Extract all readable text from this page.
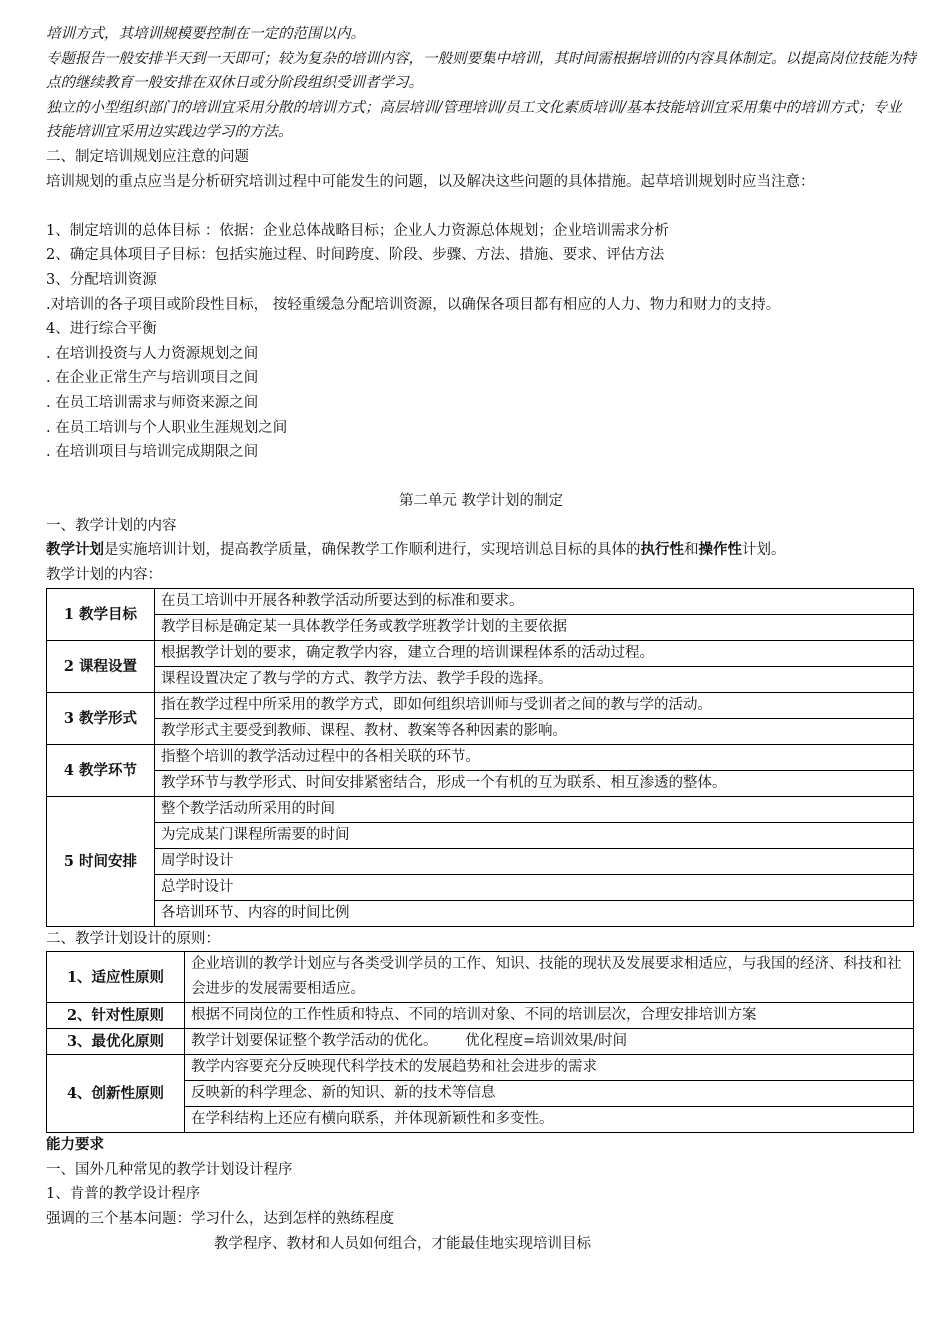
培训方式，其培训规模要控制在一定的范围以内。
专题报告一般安排半天到一天即可；较为复杂的培训内容，一般则要集中培训，其时间需根据培训的内容具体制定。以提高岗位技能为特点的继续教育一般安排在双休日或分阶段组织受训者学习。
独立的小型组织部门的培训宜采用分散的培训方式；高层培训/管理培训/员工文化素质培训/基本技能培训宜采用集中的培训方式；专业技能培训宜采用边实践边学习的方法。
二、制定培训规划应注意的问题
培训规划的重点应当是分析研究培训过程中可能发生的问题，以及解决这些问题的具体措施。起草培训规划时应当注意：
1、制定培训的总体目标 ：依据：企业总体战略目标；企业人力资源总体规划；企业培训需求分析
2、确定具体项目子目标：包括实施过程、时间跨度、阶段、步骤、方法、措施、要求、评估方法
3、分配培训资源
.对培训的各子项目或阶段性目标， 按轻重缓急分配培训资源，以确保各项目都有相应的人力、物力和财力的支持。
4、进行综合平衡
. 在培训投资与人力资源规划之间
. 在企业正常生产与培训项目之间
. 在员工培训需求与师资来源之间
. 在员工培训与个人职业生涯规划之间
. 在培训项目与培训完成期限之间
第二单元 教学计划的制定
一、教学计划的内容
教学计划是实施培训计划，提高教学质量，确保教学工作顺利进行，实现培训总目标的具体的执行性和操作性计划。
教学计划的内容：
1 教学目标	在员工培训中开展各种教学活动所要达到的标准和要求。
	教学目标是确定某一具体教学任务或教学班教学计划的主要依据
2 课程设置	根据教学计划的要求，确定教学内容，建立合理的培训课程体系的活动过程。
	课程设置决定了教与学的方式、教学方法、教学手段的选择。
3 教学形式	指在教学过程中所采用的教学方式，即如何组织培训师与受训者之间的教与学的活动。
	教学形式主要受到教师、课程、教材、教案等各种因素的影响。
4 教学环节	指整个培训的教学活动过程中的各相关联的环节。
	教学环节与教学形式、时间安排紧密结合，形成一个有机的互为联系、相互渗透的整体。
5 时间安排	整个教学活动所采用的时间
	为完成某门课程所需要的时间
	周学时设计
	总学时设计
	各培训环节、内容的时间比例
二、教学计划设计的原则：
1、适应性原则	企业培训的教学计划应与各类受训学员的工作、知识、技能的现状及发展要求相适应，与我国的经济、科技和社会进步的发展需要相适应。
2、针对性原则	根据不同岗位的工作性质和特点、不同的培训对象、不同的培训层次，合理安排培训方案
3、最优化原则	教学计划要保证整个教学活动的优化。      优化程度=培训效果/时间
4、创新性原则	教学内容要充分反映现代科学技术的发展趋势和社会进步的需求
	反映新的科学理念、新的知识、新的技术等信息
	在学科结构上还应有横向联系，并体现新颖性和多变性。
能力要求
一、国外几种常见的教学计划设计程序
1、肯普的教学设计程序
强调的三个基本问题：学习什么，达到怎样的熟练程度
教学程序、教材和人员如何组合，才能最佳地实现培训目标
